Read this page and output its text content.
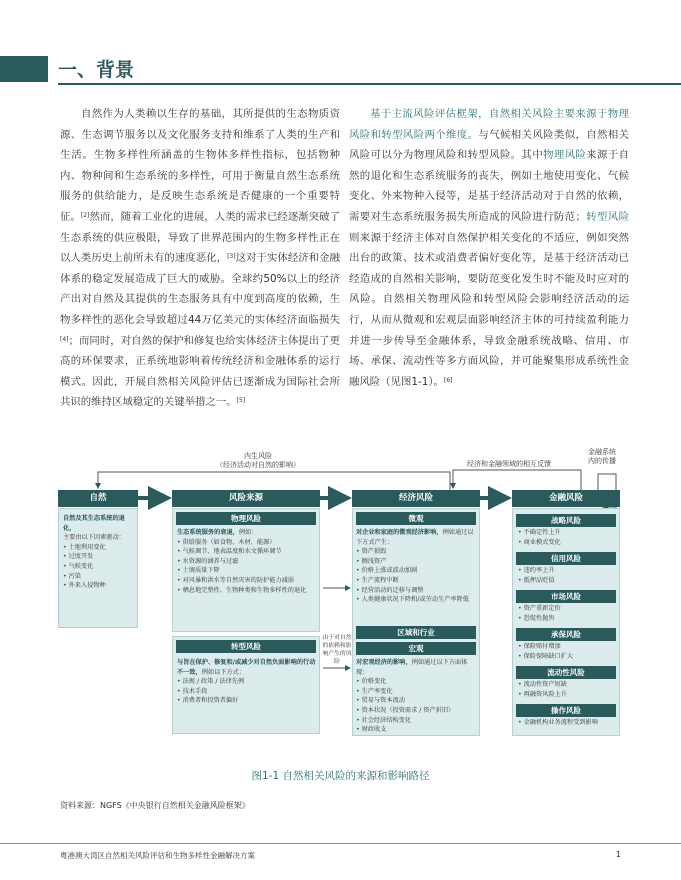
一、背景

自然作为人类赖以生存的基础，其所提供的生态物质资源、生态调节服务以及文化服务支持和维系了人类的生产和生活。生物多样性所涵盖的生物体多样性指标，包括物种内、物种间和生态系统的多样性，可用于衡量自然生态系统服务的供给能力，是反映生态系统是否健康的一个重要特征。[2]然而，随着工业化的进展，人类的需求已经逐渐突破了生态系统的供应极限，导致了世界范围内的生物多样性正在以人类历史上前所未有的速度恶化，[3]这对于实体经济和金融体系的稳定发展造成了巨大的威胁。全球约50%以上的经济产出对自然及其提供的生态服务具有中度到高度的依赖，生物多样性的恶化会导致超过44万亿美元的实体经济面临损失[4]；而同时，对自然的保护和修复也给实体经济主体提出了更高的环保要求，正系统地影响着传统经济和金融体系的运行模式。因此，开展自然相关风险评估已逐渐成为国际社会所共识的维持区域稳定的关键举措之一。[5]

基于主流风险评估框架，自然相关风险主要来源于物理风险和转型风险两个维度。与气候相关风险类似，自然相关风险可以分为物理风险和转型风险。其中物理风险来源于自然的退化和生态系统服务的丧失，例如土地使用变化、气候变化、外来物种入侵等，是基于经济活动对于自然的依赖，需要对生态系统服务损失所造成的风险进行防范；转型风险则来源于经济主体对自然保护相关变化的不适应，例如突然出台的政策、技术或消费者偏好变化等，是基于经济活动已经造成的自然相关影响，要防范变化发生时不能及时应对的风险。自然相关物理风险和转型风险会影响经济活动的运行，从而从微观和宏观层面影响经济主体的可持续盈利能力并进一步传导至金融体系，导致金融系统战略、信用、市场、承保、流动性等多方面风险，并可能聚集形成系统性金融风险（见图1-1）。[6]

内生风险
（经济活动对自然的影响）	经济和金融领域的相互反馈
金融系统
内的传播
自然
自然及其生态系统的退化，
主要由以下因素驱动：
• 土地利用变化
• 过度开发
• 气候变化
• 污染
• 外来入侵物种
风险来源
物理风险
生态系统服务的衰退，例如：
• 供给服务（如食物、木材、能源）
• 气候调节、地表温度和水文循环调节
• 水资源的涵养与过滤
• 土壤质量下降
• 对风暴和洪水等自然灾害的防护能力减弱
• 栖息地完整性、生物种类和生物多样性的退化
转型风险
与旨在保护、修复和/或减少对自然负面影响的行动不一致，例如以下方式：
• 法规 / 政策 / 法律先例
• 技术手段
• 消费者和投资者偏好
由于对自然的依赖和影响产生的风险
经济风险
微观
对企业和家庭的微观经济影响，例如通过以下方式产生：
• 资产损毁
• 搁浅资产
• 价格上涨或波动加剧
• 生产流程中断
• 经营活动的迁移与调整
• 人类健康状况下降和/或劳动生产率降低
区域和行业
宏观
对宏观经济的影响，例如通过以下方面体现：
• 价格变化
• 生产率变化
• 贸易与资本流动
• 资本状况（投资需求 / 资产折旧）
• 社会经济结构变化
• 财政收支
金融风险
战略风险
• 不确定性上升
• 商业模式变化
信用风险
• 违约率上升
• 抵押品贬值
市场风险
• 资产重新定价
• 恐慌性抛售
承保风险
• 保险赔付增加
• 保险保障缺口扩大
流动性风险
• 流动性资产短缺
• 再融资风险上升
操作风险
• 金融机构业务流程受到影响
图1-1 自然相关风险的来源和影响路径
资料来源：NGFS《中央银行自然相关金融风险框架》
粤港澳大湾区自然相关风险评估和生物多样性金融解决方案	1
